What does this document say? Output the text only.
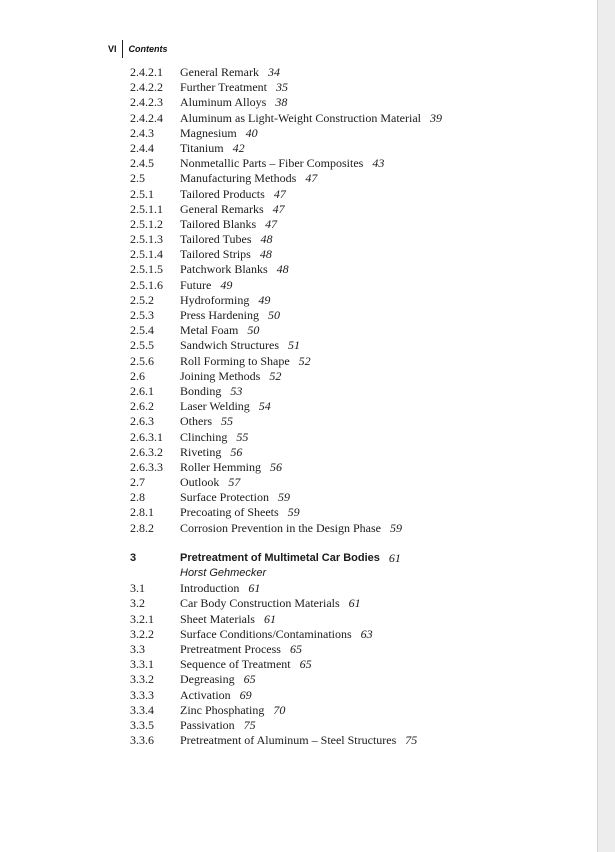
VI Contents
2.4.2.1	General Remark 34
2.4.2.2	Further Treatment 35
2.4.2.3	Aluminum Alloys 38
2.4.2.4	Aluminum as Light-Weight Construction Material 39
2.4.3	Magnesium 40
2.4.4	Titanium 42
2.4.5	Nonmetallic Parts – Fiber Composites 43
2.5	Manufacturing Methods 47
2.5.1	Tailored Products 47
2.5.1.1	General Remarks 47
2.5.1.2	Tailored Blanks 47
2.5.1.3	Tailored Tubes 48
2.5.1.4	Tailored Strips 48
2.5.1.5	Patchwork Blanks 48
2.5.1.6	Future 49
2.5.2	Hydroforming 49
2.5.3	Press Hardening 50
2.5.4	Metal Foam 50
2.5.5	Sandwich Structures 51
2.5.6	Roll Forming to Shape 52
2.6	Joining Methods 52
2.6.1	Bonding 53
2.6.2	Laser Welding 54
2.6.3	Others 55
2.6.3.1	Clinching 55
2.6.3.2	Riveting 56
2.6.3.3	Roller Hemming 56
2.7	Outlook 57
2.8	Surface Protection 59
2.8.1	Precoating of Sheets 59
2.8.2	Corrosion Prevention in the Design Phase 59
3	Pretreatment of Multimetal Car Bodies 61
Horst Gehmecker
3.1	Introduction 61
3.2	Car Body Construction Materials 61
3.2.1	Sheet Materials 61
3.2.2	Surface Conditions/Contaminations 63
3.3	Pretreatment Process 65
3.3.1	Sequence of Treatment 65
3.3.2	Degreasing 65
3.3.3	Activation 69
3.3.4	Zinc Phosphating 70
3.3.5	Passivation 75
3.3.6	Pretreatment of Aluminum – Steel Structures 75
